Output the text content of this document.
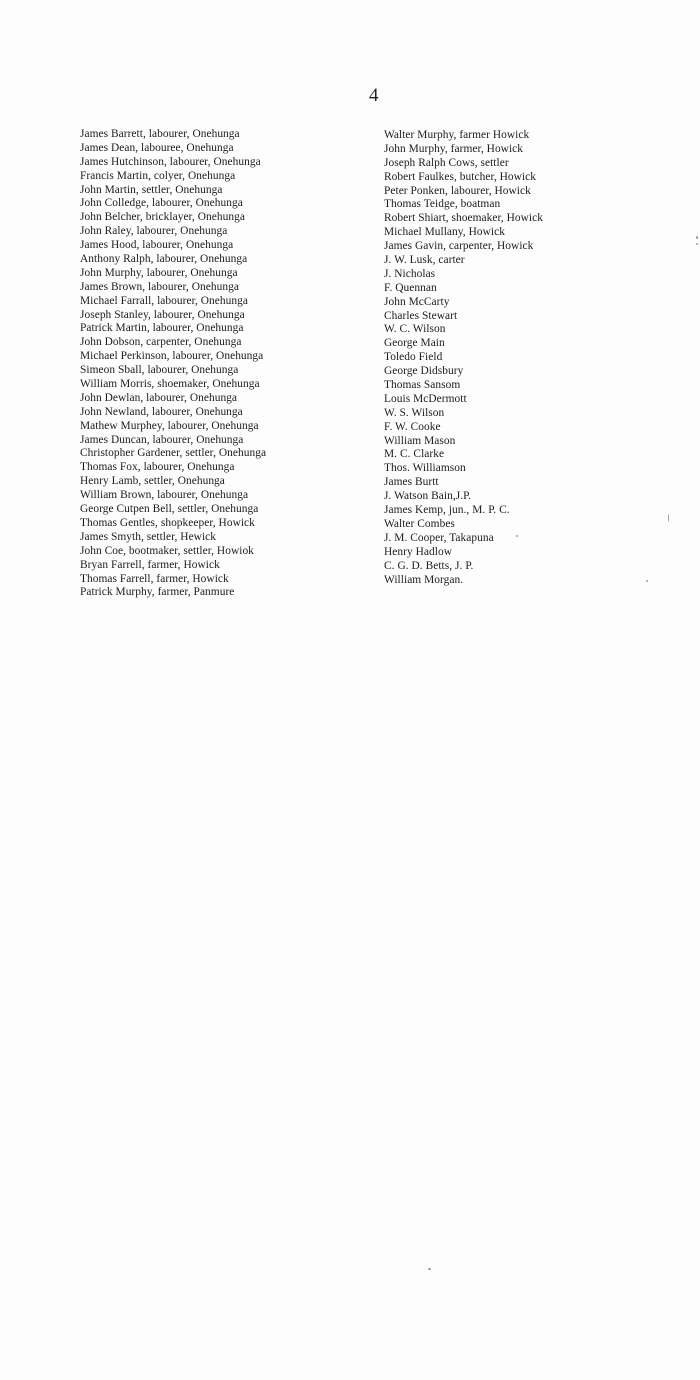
4
James Barrett, labourer, Onehunga
James Dean, labouree, Onehunga
James Hutchinson, labourer, Onehunga
Francis Martin, colyer, Onehunga
John Martin, settler, Onehunga
John Colledge, labourer, Onehunga
John Belcher, bricklayer, Onehunga
John Raley, labourer, Onehunga
James Hood, labourer, Onehunga
Anthony Ralph, labourer, Onehunga
John Murphy, labourer, Onehunga
James Brown, labourer, Onehunga
Michael Farrall, labourer, Onehunga
Joseph Stanley, labourer, Onehunga
Patrick Martin, labourer, Onehunga
John Dobson, carpenter, Onehunga
Michael Perkinson, labourer, Onehunga
Simeon Sball, labourer, Onehunga
William Morris, shoemaker, Onehunga
John Dewlan, labourer, Onehunga
John Newland, labourer, Onehunga
Mathew Murphey, labourer, Onehunga
James Duncan, labourer, Onehunga
Christopher Gardener, settler, Onehunga
Thomas Fox, labourer, Onehunga
Henry Lamb, settler, Onehunga
William Brown, labourer, Onehunga
George Cutpen Bell, settler, Onehunga
Thomas Gentles, shopkeeper, Howick
James Smyth, settler, Hewick
John Coe, bootmaker, settler, Howiok
Bryan Farrell, farmer, Howick
Thomas Farrell, farmer, Howick
Patrick Murphy, farmer, Panmure
Walter Murphy, farmer Howick
John Murphy, farmer, Howick
Joseph Ralph Cows, settler
Robert Faulkes, butcher, Howick
Peter Ponken, labourer, Howick
Thomas Teidge, boatman
Robert Shiart, shoemaker, Howick
Michael Mullany, Howick
James Gavin, carpenter, Howick
J. W. Lusk, carter
J. Nicholas
F. Quennan
John McCarty
Charles Stewart
W. C. Wilson
George Main
Toledo Field
George Didsbury
Thomas Sansom
Louis McDermott
W. S. Wilson
F. W. Cooke
William Mason
M. C. Clarke
Thos. Williamson
James Burtt
J. Watson Bain,J.P.
James Kemp, jun., M. P. C.
Walter Combes
J. M. Cooper, Takapuna
Henry Hadlow
C. G. D. Betts, J. P.
William Morgan.
